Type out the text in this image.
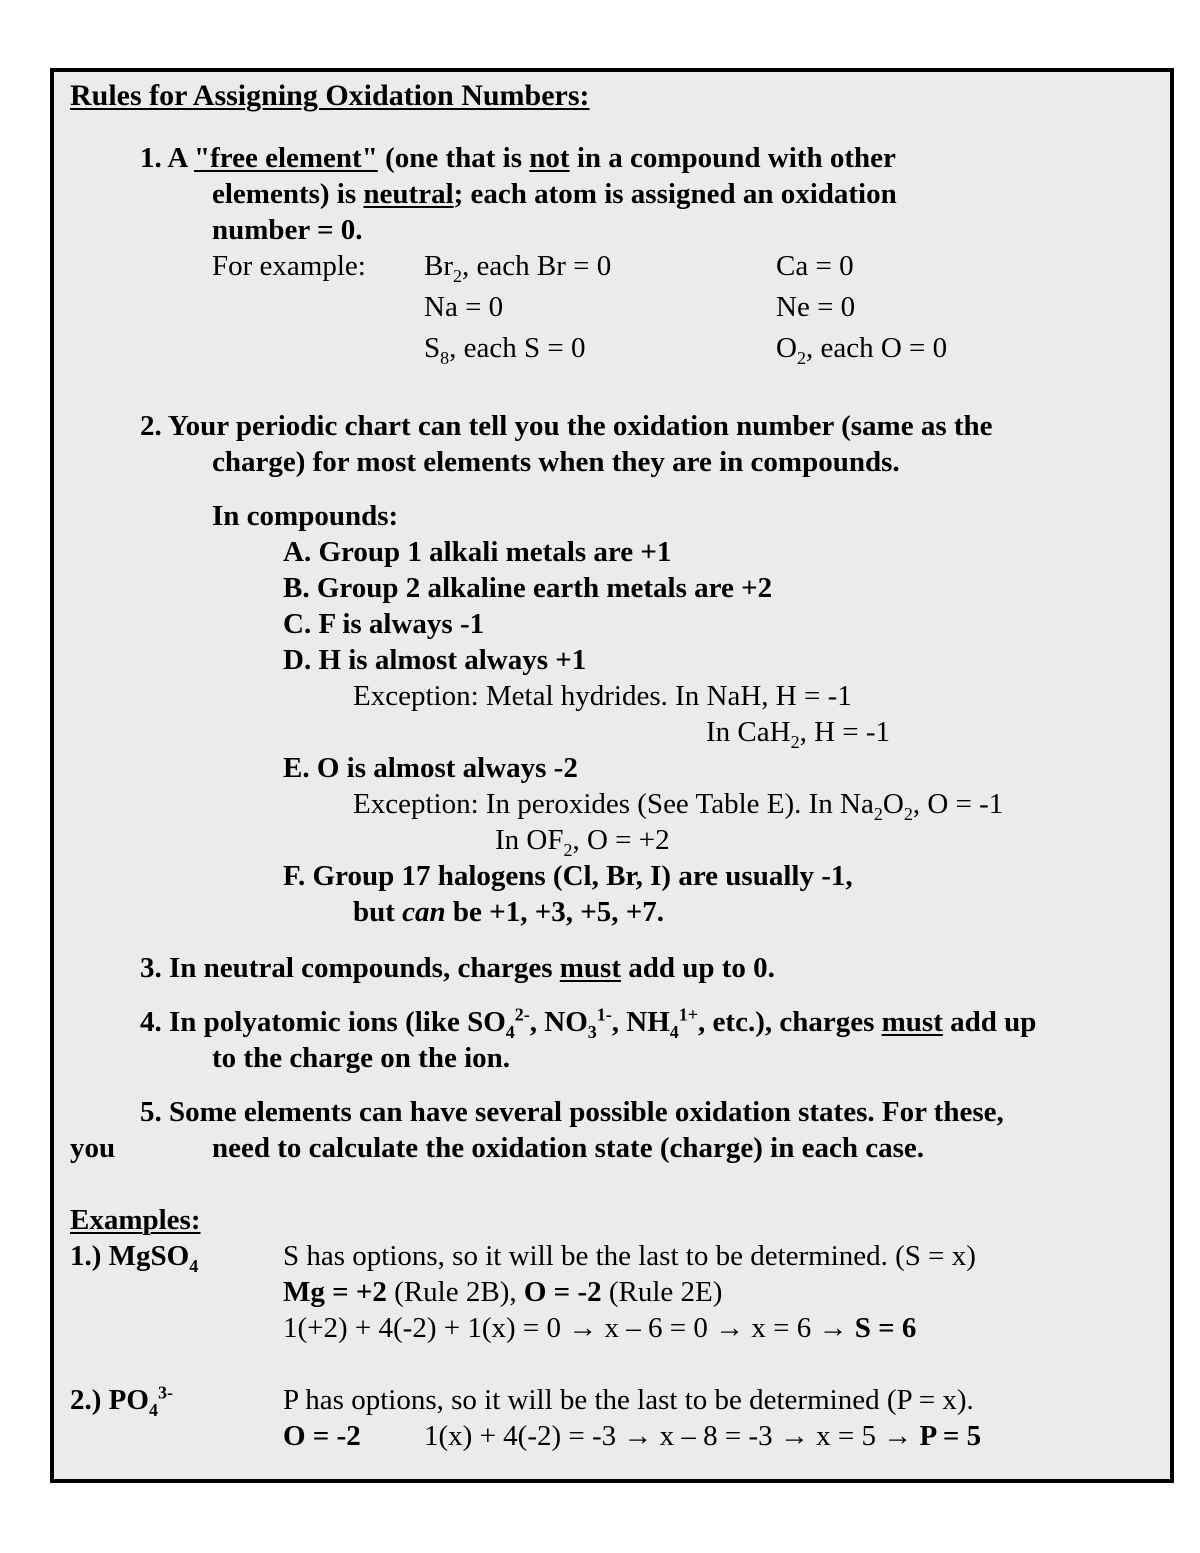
Rules for Assigning Oxidation Numbers:
1. A "free element" (one that is not in a compound with other
elements) is neutral; each atom is assigned an oxidation
number = 0.
For example: $Br_2$, each Br = 0	Ca = 0
Na = 0	Ne = 0
$S_8$, each S = 0	$O_2$, each O = 0
2. Your periodic chart can tell you the oxidation number (same as the
charge) for most elements when they are in compounds.
In compounds:
A. Group 1 alkali metals are +1
B. Group 2 alkaline earth metals are +2
C. F is always -1
D. H is almost always +1
Exception: Metal hydrides. In NaH, H = -1
In CaH$_2$, H = -1
E. O is almost always -2
Exception: In peroxides (See Table E). In $Na_2O_2$, O = -1
In $OF_2$, O = +2
F. Group 17 halogens (Cl, Br, I) are usually -1,
but can be +1, +3, +5, +7.
3. In neutral compounds, charges must add up to 0.
4. In polyatomic ions (like $SO_4^{2-}$, $NO_3^{1-}$, $NH_4^{1+}$, etc.), charges must add up
to the charge on the ion.
5. Some elements can have several possible oxidation states. For these,
you	need to calculate the oxidation state (charge) in each case.
Examples:
1.) MgSO$_4$	S has options, so it will be the last to be determined. (S = x)
Mg = +2 (Rule 2B), O = -2 (Rule 2E)
1(+2) + 4(-2) + 1(x) = 0 → x – 6 = 0 → x = 6 → S = 6
2.) $PO_4^{3-}$	P has options, so it will be the last to be determined (P = x).
O = -2 1(x) + 4(-2) = -3 → x – 8 = -3 → x = 5 → P = 5
